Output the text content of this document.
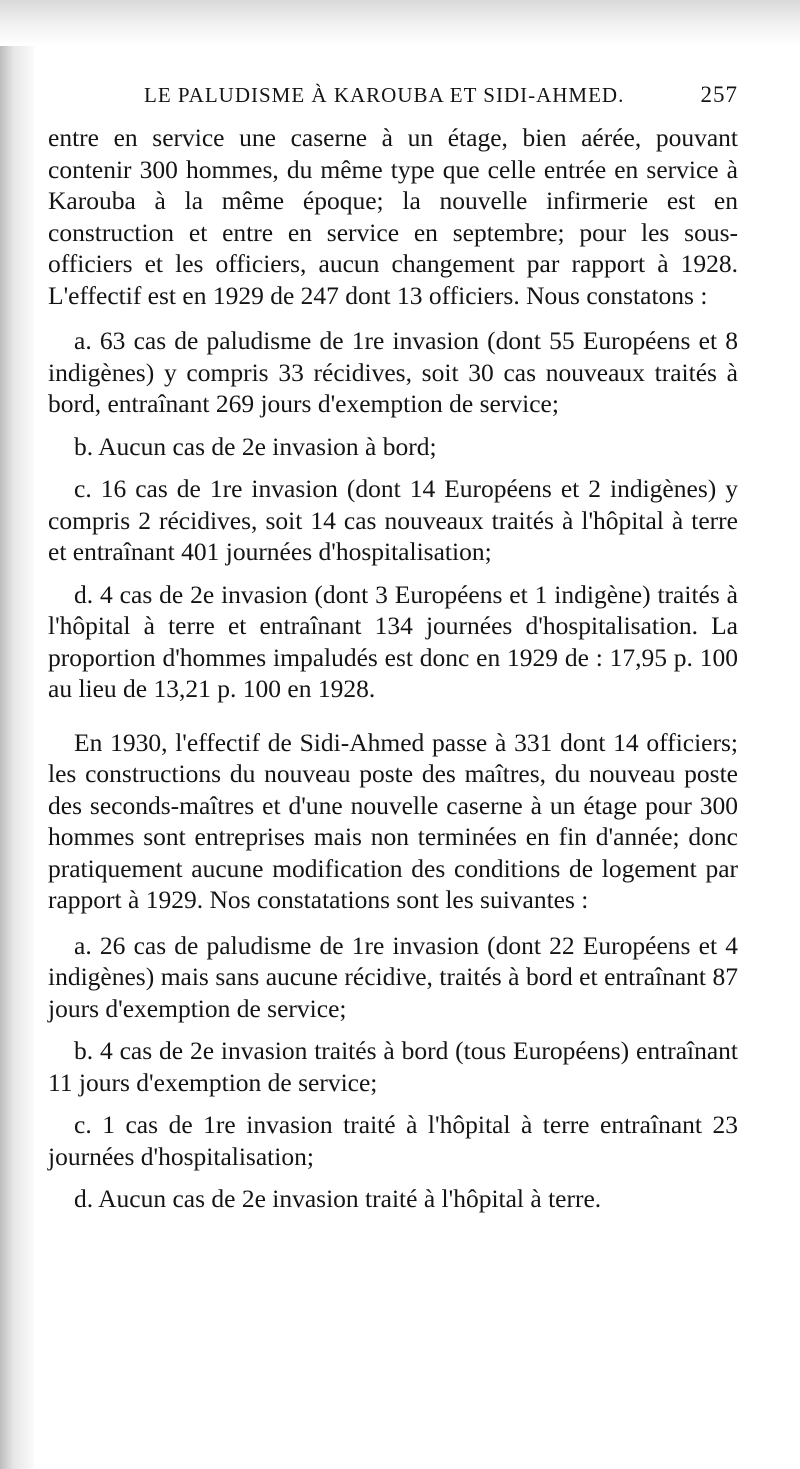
LE PALUDISME À KAROUBA ET SIDI-AHMED.	257

entre en service une caserne à un étage, bien aérée, pouvant contenir 300 hommes, du même type que celle entrée en service à Karouba à la même époque; la nouvelle infirmerie est en construction et entre en service en septembre; pour les sous-officiers et les officiers, aucun changement par rapport à 1928. L'effectif est en 1929 de 247 dont 13 officiers. Nous constatons :

a. 63 cas de paludisme de 1re invasion (dont 55 Européens et 8 indigènes) y compris 33 récidives, soit 30 cas nouveaux traités à bord, entraînant 269 jours d'exemption de service;

b. Aucun cas de 2e invasion à bord;

c. 16 cas de 1re invasion (dont 14 Européens et 2 indigènes) y compris 2 récidives, soit 14 cas nouveaux traités à l'hôpital à terre et entraînant 401 journées d'hospitalisation;

d. 4 cas de 2e invasion (dont 3 Européens et 1 indigène) traités à l'hôpital à terre et entraînant 134 journées d'hospitalisation. La proportion d'hommes impaludés est donc en 1929 de : 17,95 p. 100 au lieu de 13,21 p. 100 en 1928.

En 1930, l'effectif de Sidi-Ahmed passe à 331 dont 14 officiers; les constructions du nouveau poste des maîtres, du nouveau poste des seconds-maîtres et d'une nouvelle caserne à un étage pour 300 hommes sont entreprises mais non terminées en fin d'année; donc pratiquement aucune modification des conditions de logement par rapport à 1929. Nos constatations sont les suivantes :

a. 26 cas de paludisme de 1re invasion (dont 22 Européens et 4 indigènes) mais sans aucune récidive, traités à bord et entraînant 87 jours d'exemption de service;

b. 4 cas de 2e invasion traités à bord (tous Européens) entraînant 11 jours d'exemption de service;

c. 1 cas de 1re invasion traité à l'hôpital à terre entraînant 23 journées d'hospitalisation;

d. Aucun cas de 2e invasion traité à l'hôpital à terre.
